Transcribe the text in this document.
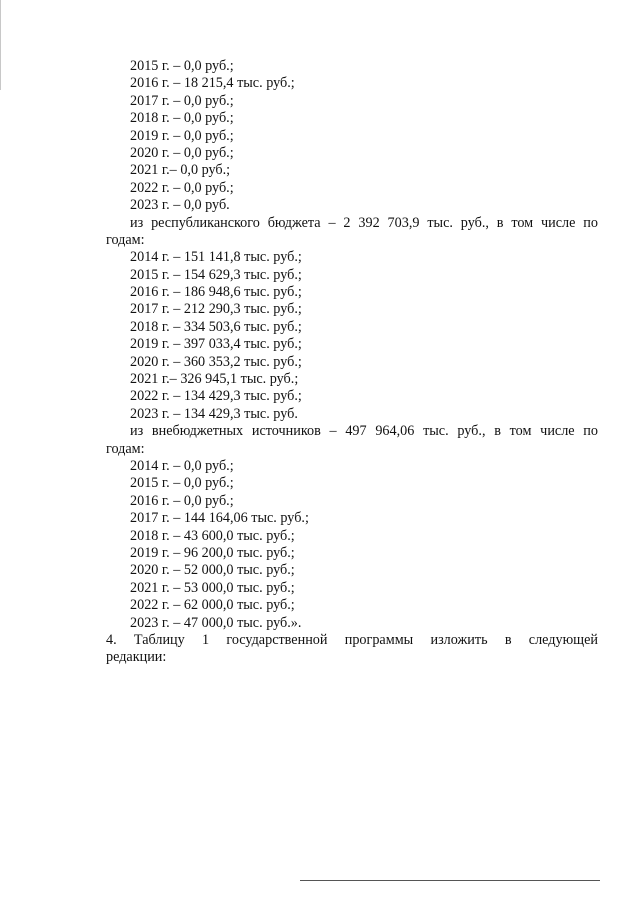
2015 г. – 0,0 руб.;

2016 г. – 18 215,4 тыс. руб.;

2017 г. – 0,0 руб.;

2018 г. – 0,0 руб.;

2019 г. – 0,0 руб.;

2020 г. – 0,0 руб.;

2021 г.– 0,0 руб.;

2022 г. – 0,0 руб.;

2023 г. – 0,0 руб.

из республиканского бюджета – 2 392 703,9 тыс. руб., в том числе по

годам:

2014 г. – 151 141,8 тыс. руб.;

2015 г. – 154 629,3 тыс. руб.;

2016 г. – 186 948,6 тыс. руб.;

2017 г. – 212 290,3 тыс. руб.;

2018 г. – 334 503,6 тыс. руб.;

2019 г. – 397 033,4 тыс. руб.;

2020 г. – 360 353,2 тыс. руб.;

2021 г.– 326 945,1 тыс. руб.;

2022 г. – 134 429,3 тыс. руб.;

2023 г. – 134 429,3 тыс. руб.

из внебюджетных источников – 497 964,06 тыс. руб., в том числе по

годам:

2014 г. – 0,0 руб.;

2015 г. – 0,0 руб.;

2016 г. – 0,0 руб.;

2017 г. – 144 164,06 тыс. руб.;

2018 г. – 43 600,0 тыс. руб.;

2019 г. – 96 200,0 тыс. руб.;

2020 г. – 52 000,0 тыс. руб.;

2021 г. – 53 000,0 тыс. руб.;

2022 г. – 62 000,0 тыс. руб.;

2023 г. – 47 000,0 тыс. руб.».

4. Таблицу 1 государственной программы изложить в следующей

редакции:
